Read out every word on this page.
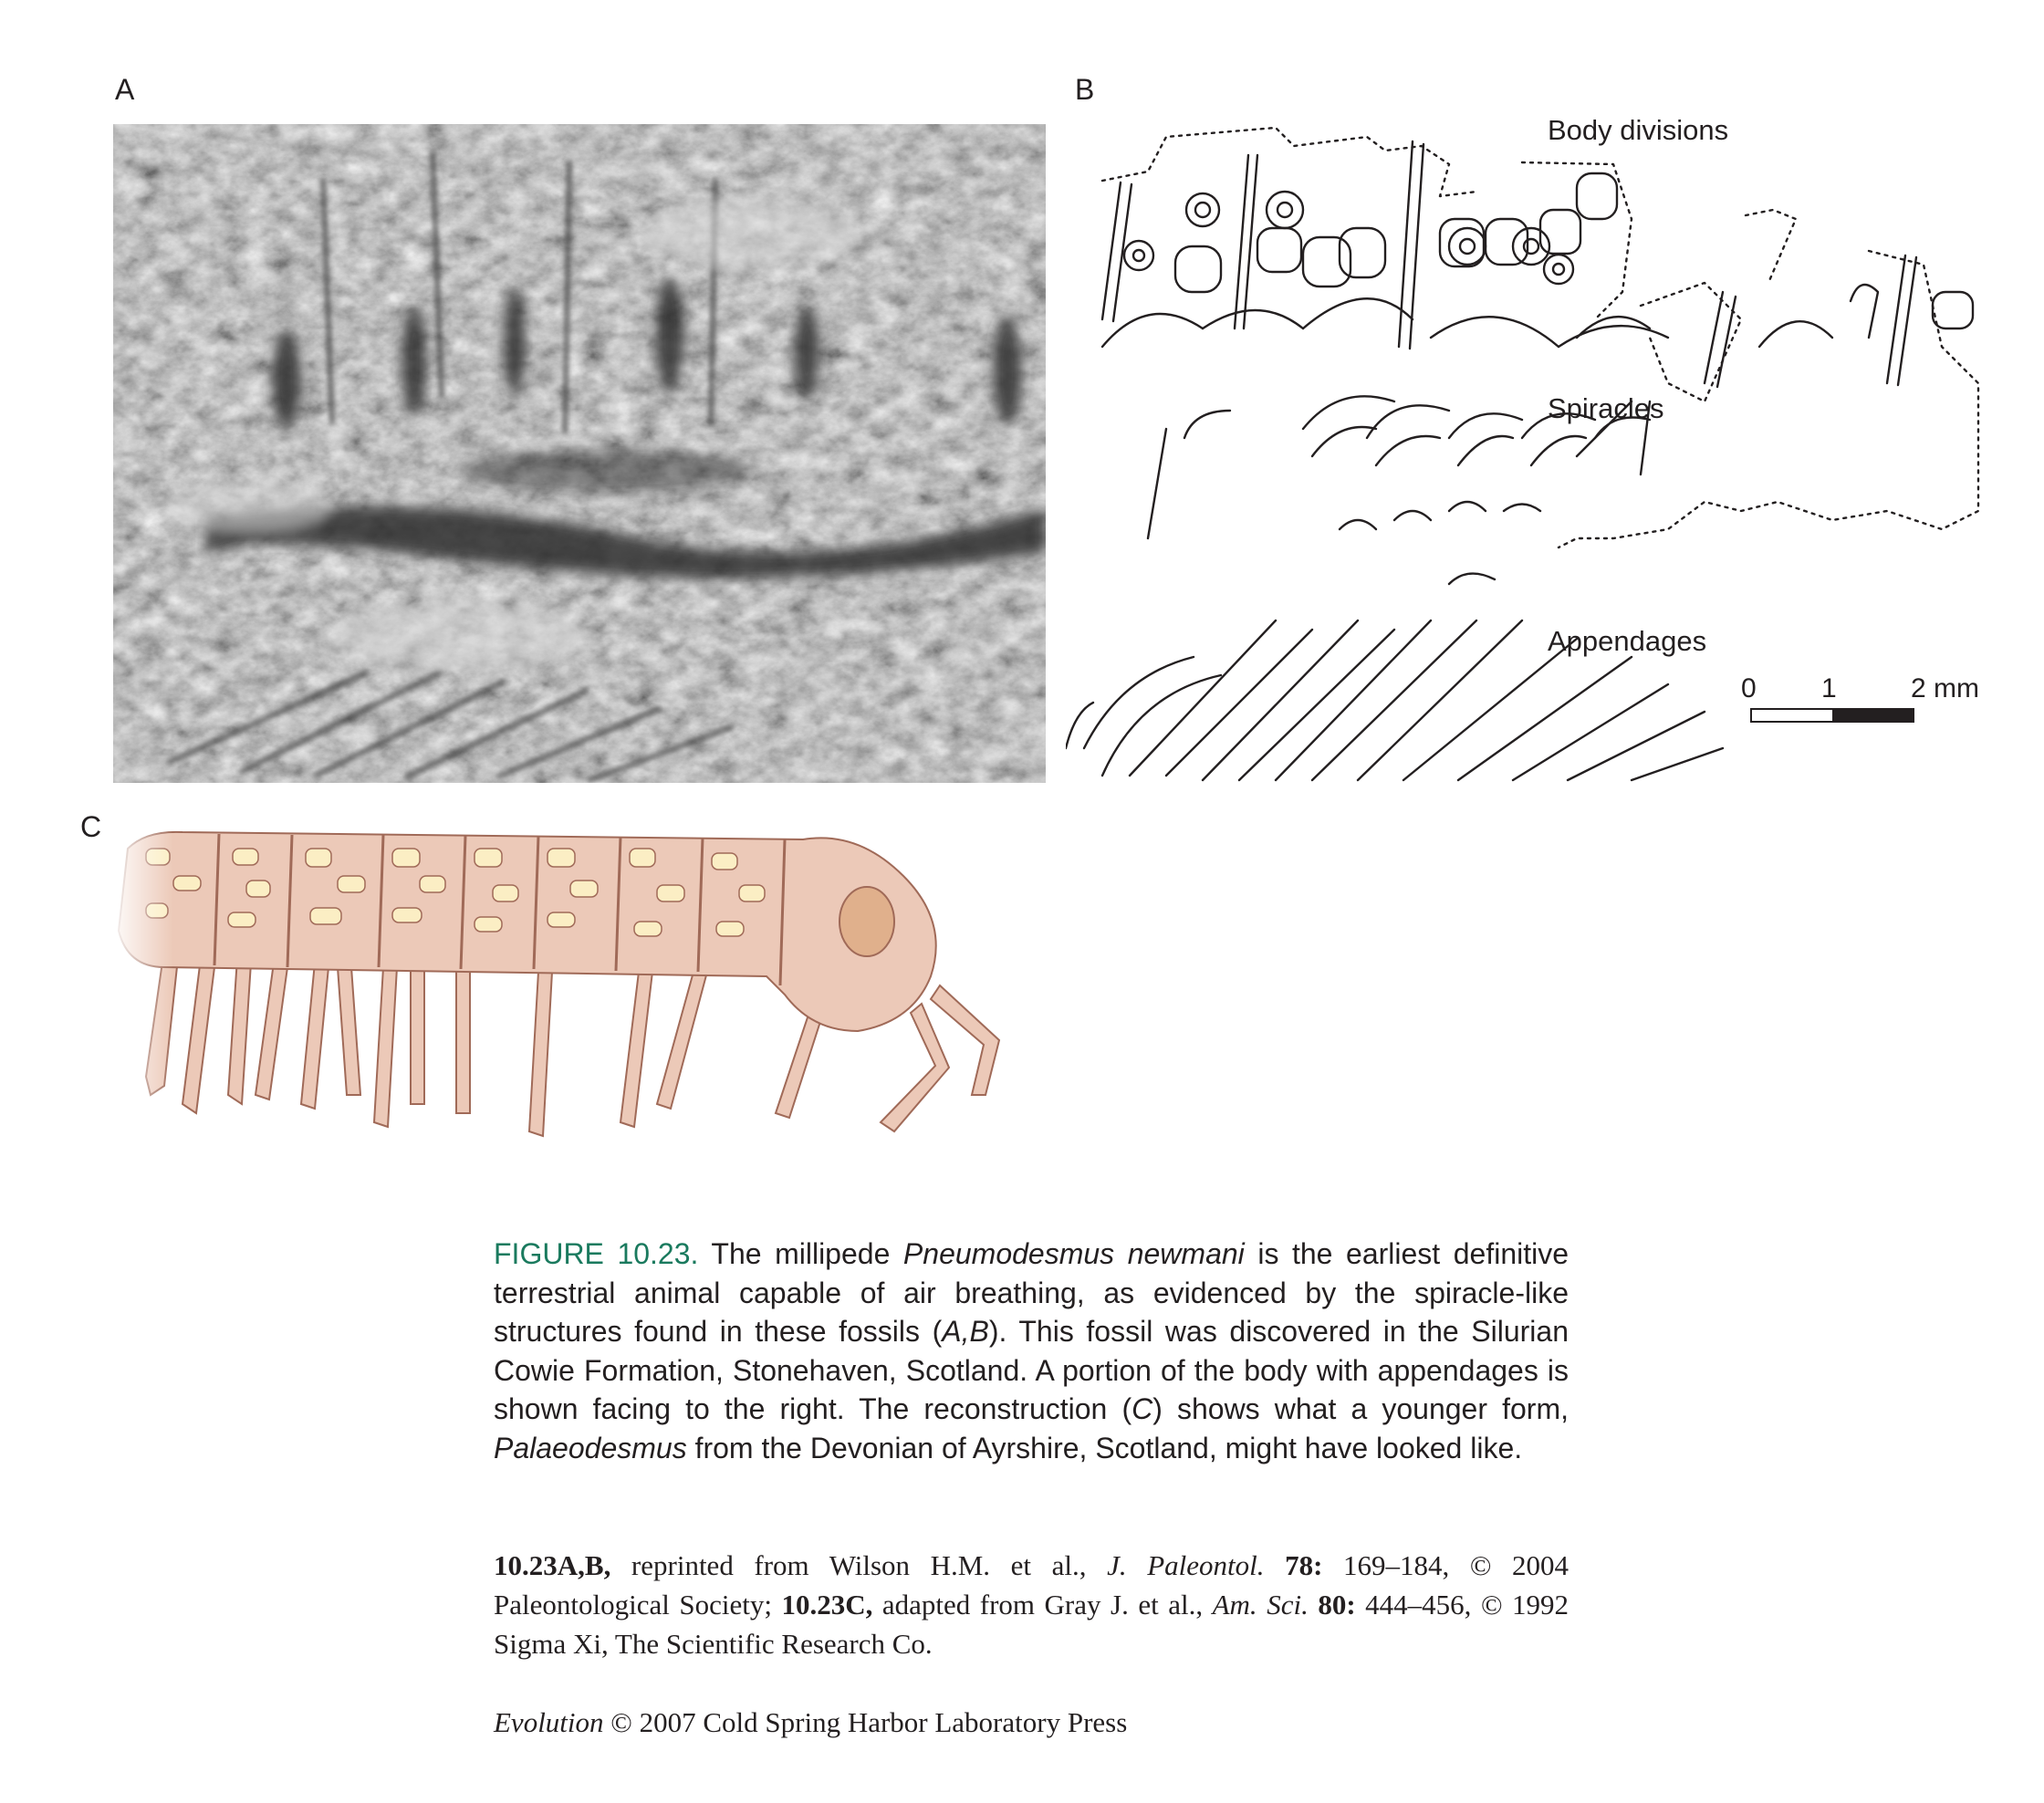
A	B
C
Body divisions
Spiracles
Appendages
0 1	2 mm
FIGURE 10.23. The millipede Pneumodesmus newmani is the earliest definitive terrestrial animal capable of air breathing, as evidenced by the spiracle-like structures found in these fossils (A,B). This fossil was discovered in the Silurian Cowie Formation, Stonehaven, Scotland. A portion of the body with appendages is shown facing to the right. The reconstruction (C) shows what a younger form, Palaeodesmus from the Devonian of Ayrshire, Scotland, might have looked like.
10.23A,B, reprinted from Wilson H.M. et al., J. Paleontol. 78: 169–184, © 2004 Paleontological Society; 10.23C, adapted from Gray J. et al., Am. Sci. 80: 444–456, © 1992 Sigma Xi, The Scientific Research Co.
Evolution © 2007 Cold Spring Harbor Laboratory Press
